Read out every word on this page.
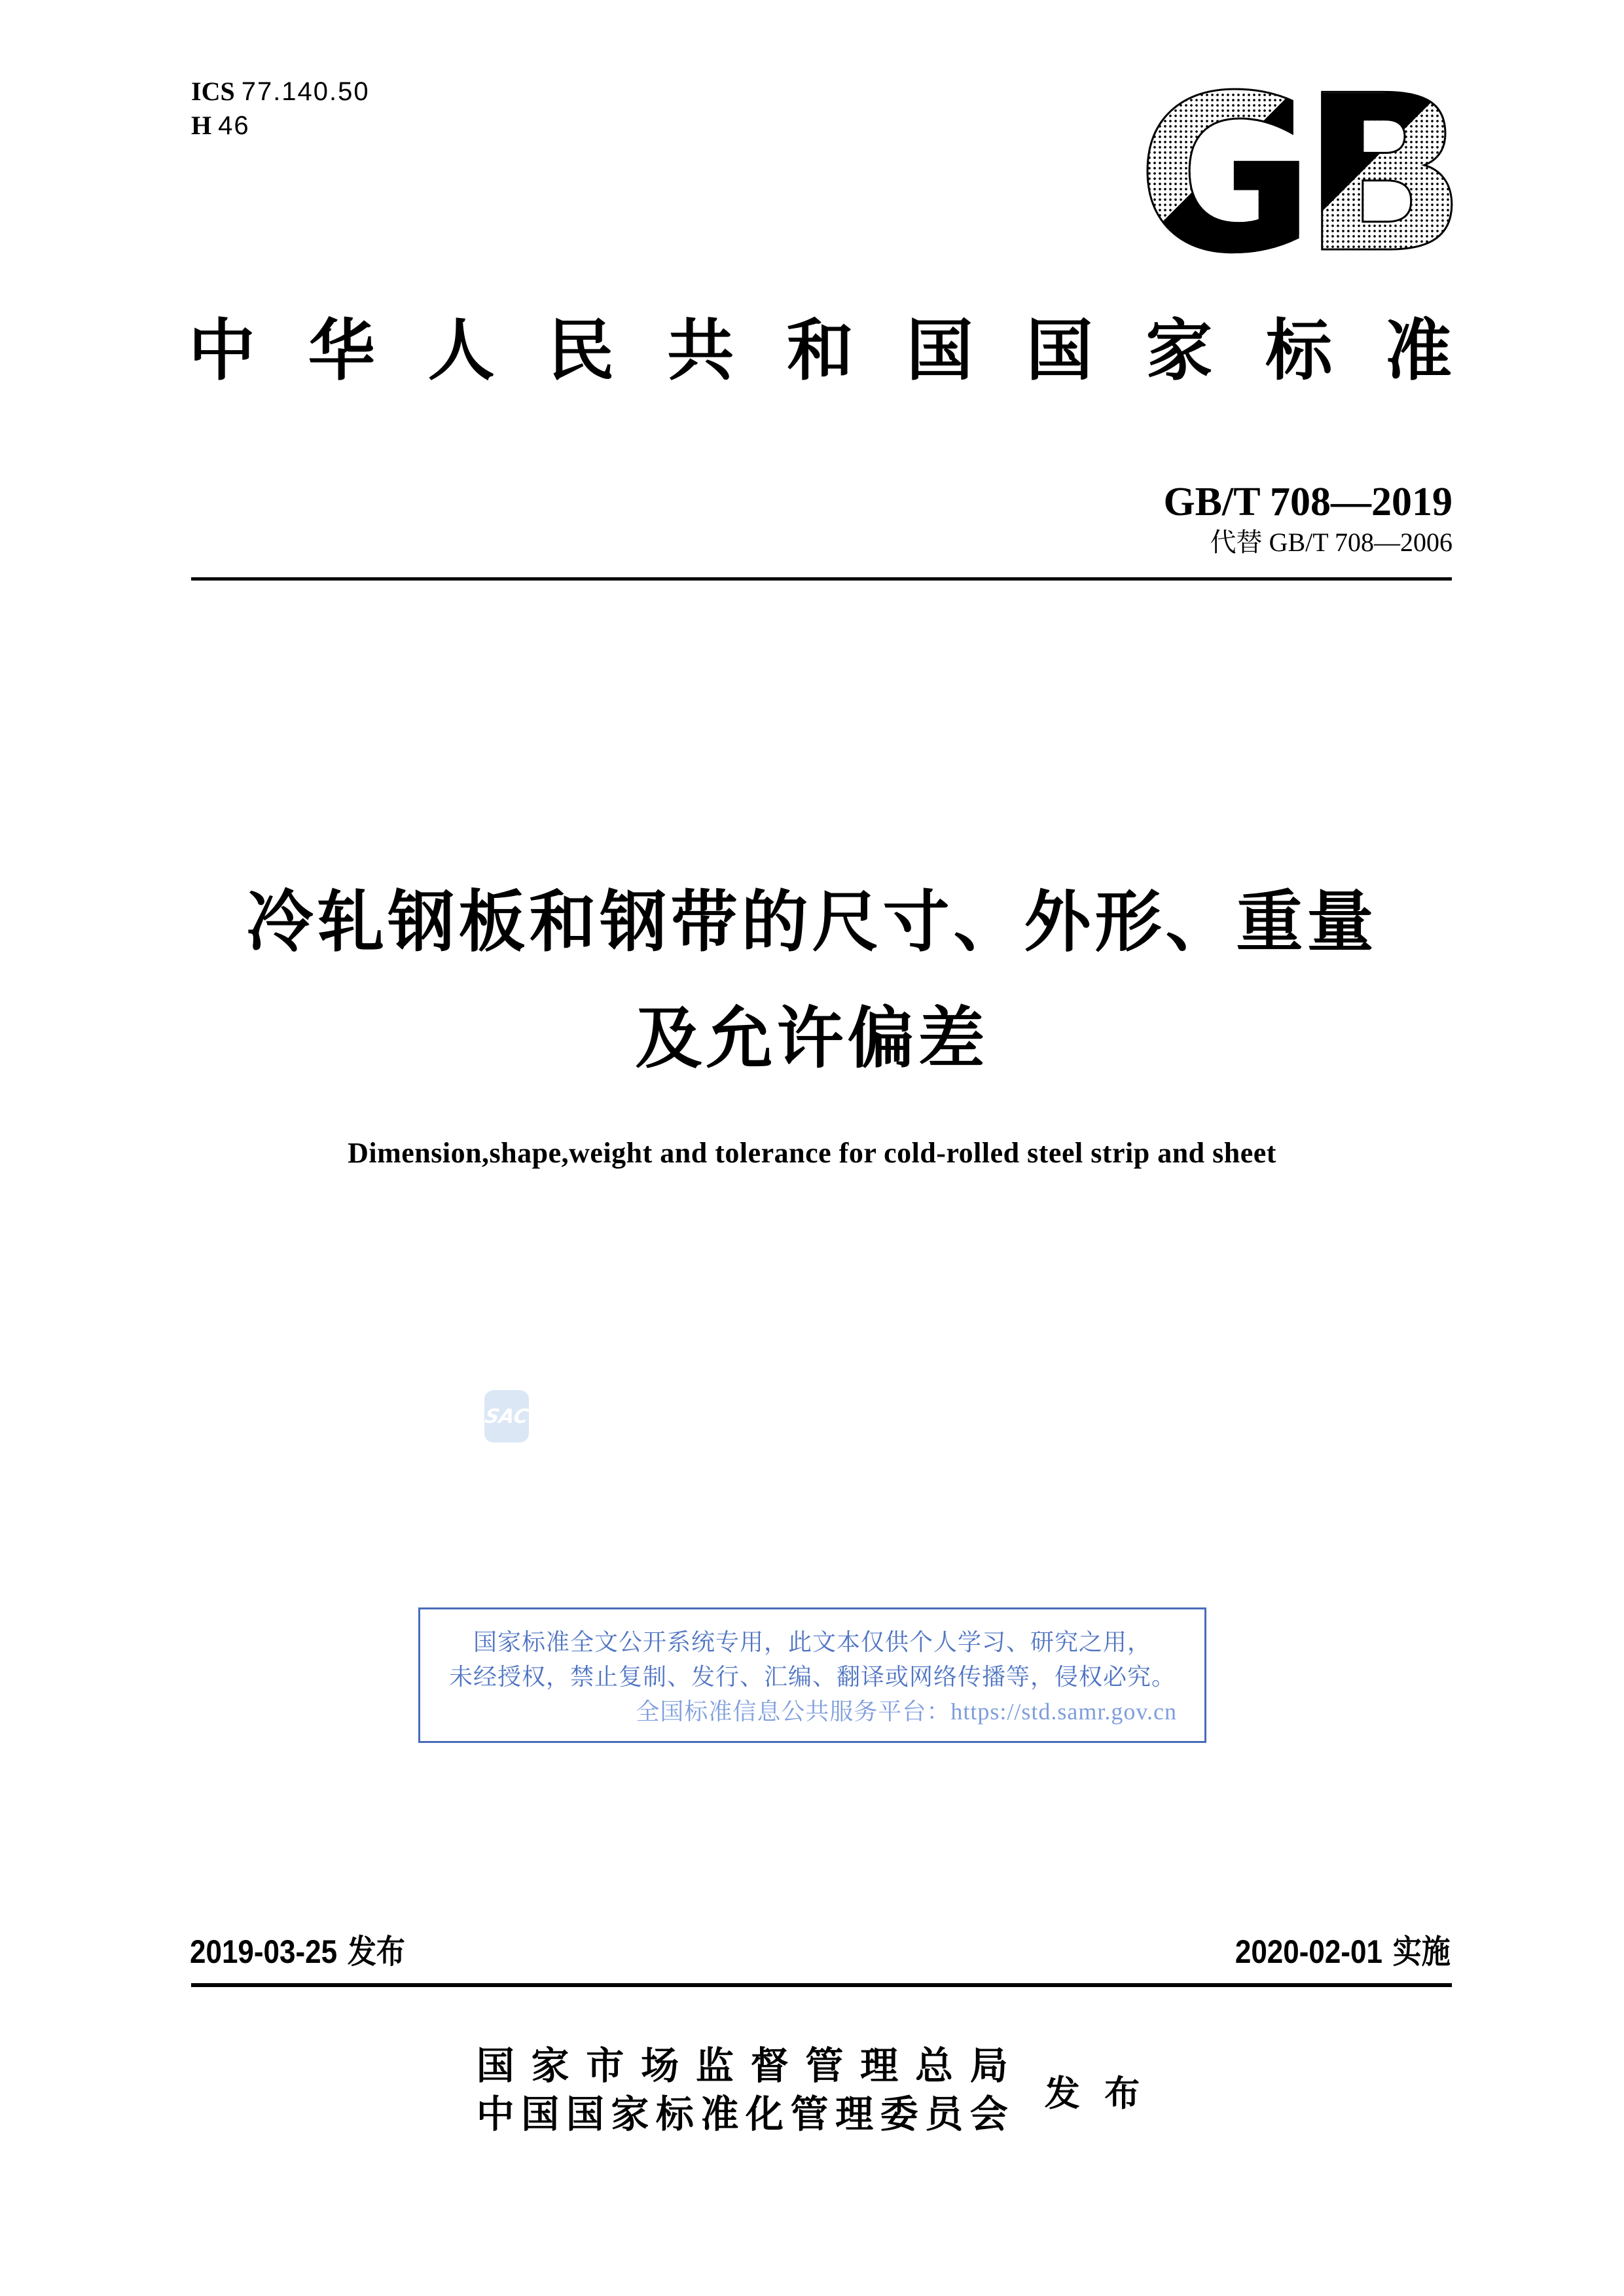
ICS 77.140.50
H 46	GB
中华人民共和国国家标准
GB/T 708—2019
代替 GB/T 708—2006
冷轧钢板和钢带的尺寸、外形、重量
及允许偏差
Dimension,shape,weight and tolerance for cold-rolled steel strip and sheet
SAC
国家标准全文公开系统专用，此文本仅供个人学习、研究之用，
未经授权，禁止复制、发行、汇编、翻译或网络传播等，侵权必究。
全国标准信息公共服务平台：https://std.samr.gov.cn
2019-03-25 发布	2020-02-01 实施
国家市场监督管理总局
中国国家标准化管理委员会 发 布
